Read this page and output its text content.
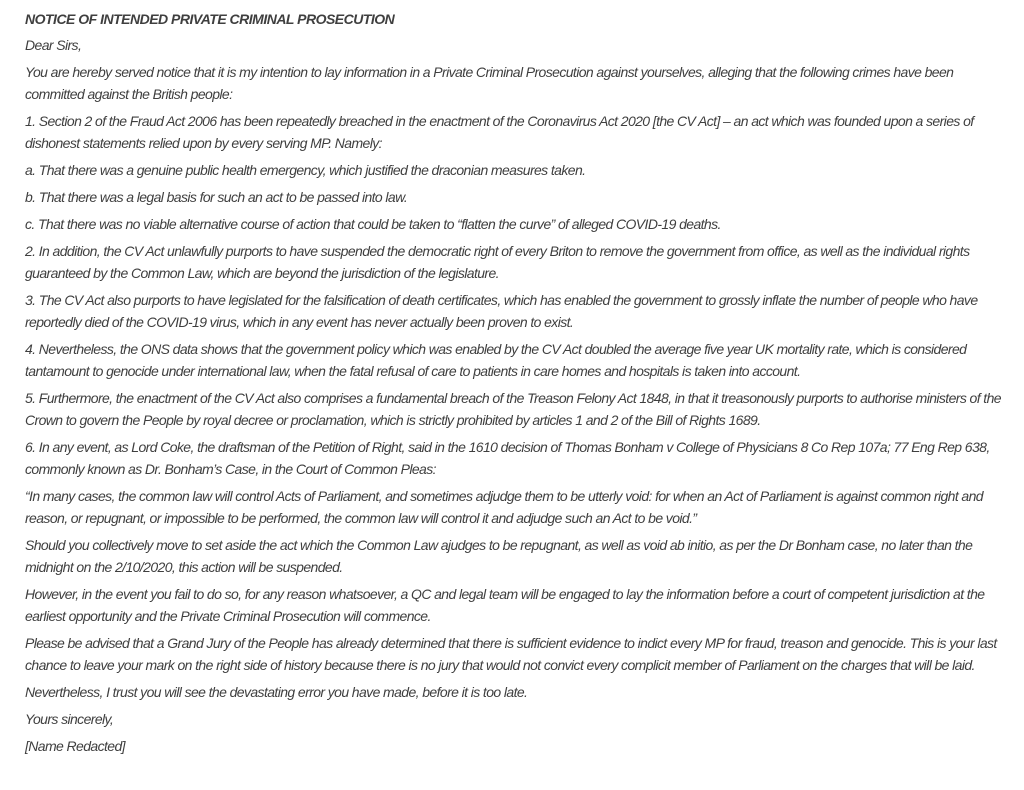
NOTICE OF INTENDED PRIVATE CRIMINAL PROSECUTION

Dear Sirs,

You are hereby served notice that it is my intention to lay information in a Private Criminal Prosecution against yourselves, alleging that the following crimes have been committed against the British people:

1. Section 2 of the Fraud Act 2006 has been repeatedly breached in the enactment of the Coronavirus Act 2020 [the CV Act] – an act which was founded upon a series of dishonest statements relied upon by every serving MP. Namely:

a. That there was a genuine public health emergency, which justified the draconian measures taken.

b. That there was a legal basis for such an act to be passed into law.

c. That there was no viable alternative course of action that could be taken to “flatten the curve” of alleged COVID-19 deaths.

2. In addition, the CV Act unlawfully purports to have suspended the democratic right of every Briton to remove the government from office, as well as the individual rights guaranteed by the Common Law, which are beyond the jurisdiction of the legislature.

3. The CV Act also purports to have legislated for the falsification of death certificates, which has enabled the government to grossly inflate the number of people who have reportedly died of the COVID-19 virus, which in any event has never actually been proven to exist.

4. Nevertheless, the ONS data shows that the government policy which was enabled by the CV Act doubled the average five year UK mortality rate, which is considered tantamount to genocide under international law, when the fatal refusal of care to patients in care homes and hospitals is taken into account.

5. Furthermore, the enactment of the CV Act also comprises a fundamental breach of the Treason Felony Act 1848, in that it treasonously purports to authorise ministers of the Crown to govern the People by royal decree or proclamation, which is strictly prohibited by articles 1 and 2 of the Bill of Rights 1689.

6. In any event, as Lord Coke, the draftsman of the Petition of Right, said in the 1610 decision of Thomas Bonham v College of Physicians 8 Co Rep 107a; 77 Eng Rep 638, commonly known as Dr. Bonham’s Case, in the Court of Common Pleas:

“In many cases, the common law will control Acts of Parliament, and sometimes adjudge them to be utterly void: for when an Act of Parliament is against common right and reason, or repugnant, or impossible to be performed, the common law will control it and adjudge such an Act to be void.”

Should you collectively move to set aside the act which the Common Law ajudges to be repugnant, as well as void ab initio, as per the Dr Bonham case, no later than the midnight on the 2/10/2020, this action will be suspended.

However, in the event you fail to do so, for any reason whatsoever, a QC and legal team will be engaged to lay the information before a court of competent jurisdiction at the earliest opportunity and the Private Criminal Prosecution will commence.

Please be advised that a Grand Jury of the People has already determined that there is sufficient evidence to indict every MP for fraud, treason and genocide. This is your last chance to leave your mark on the right side of history because there is no jury that would not convict every complicit member of Parliament on the charges that will be laid.

Nevertheless, I trust you will see the devastating error you have made, before it is too late.

Yours sincerely,

[Name Redacted]
